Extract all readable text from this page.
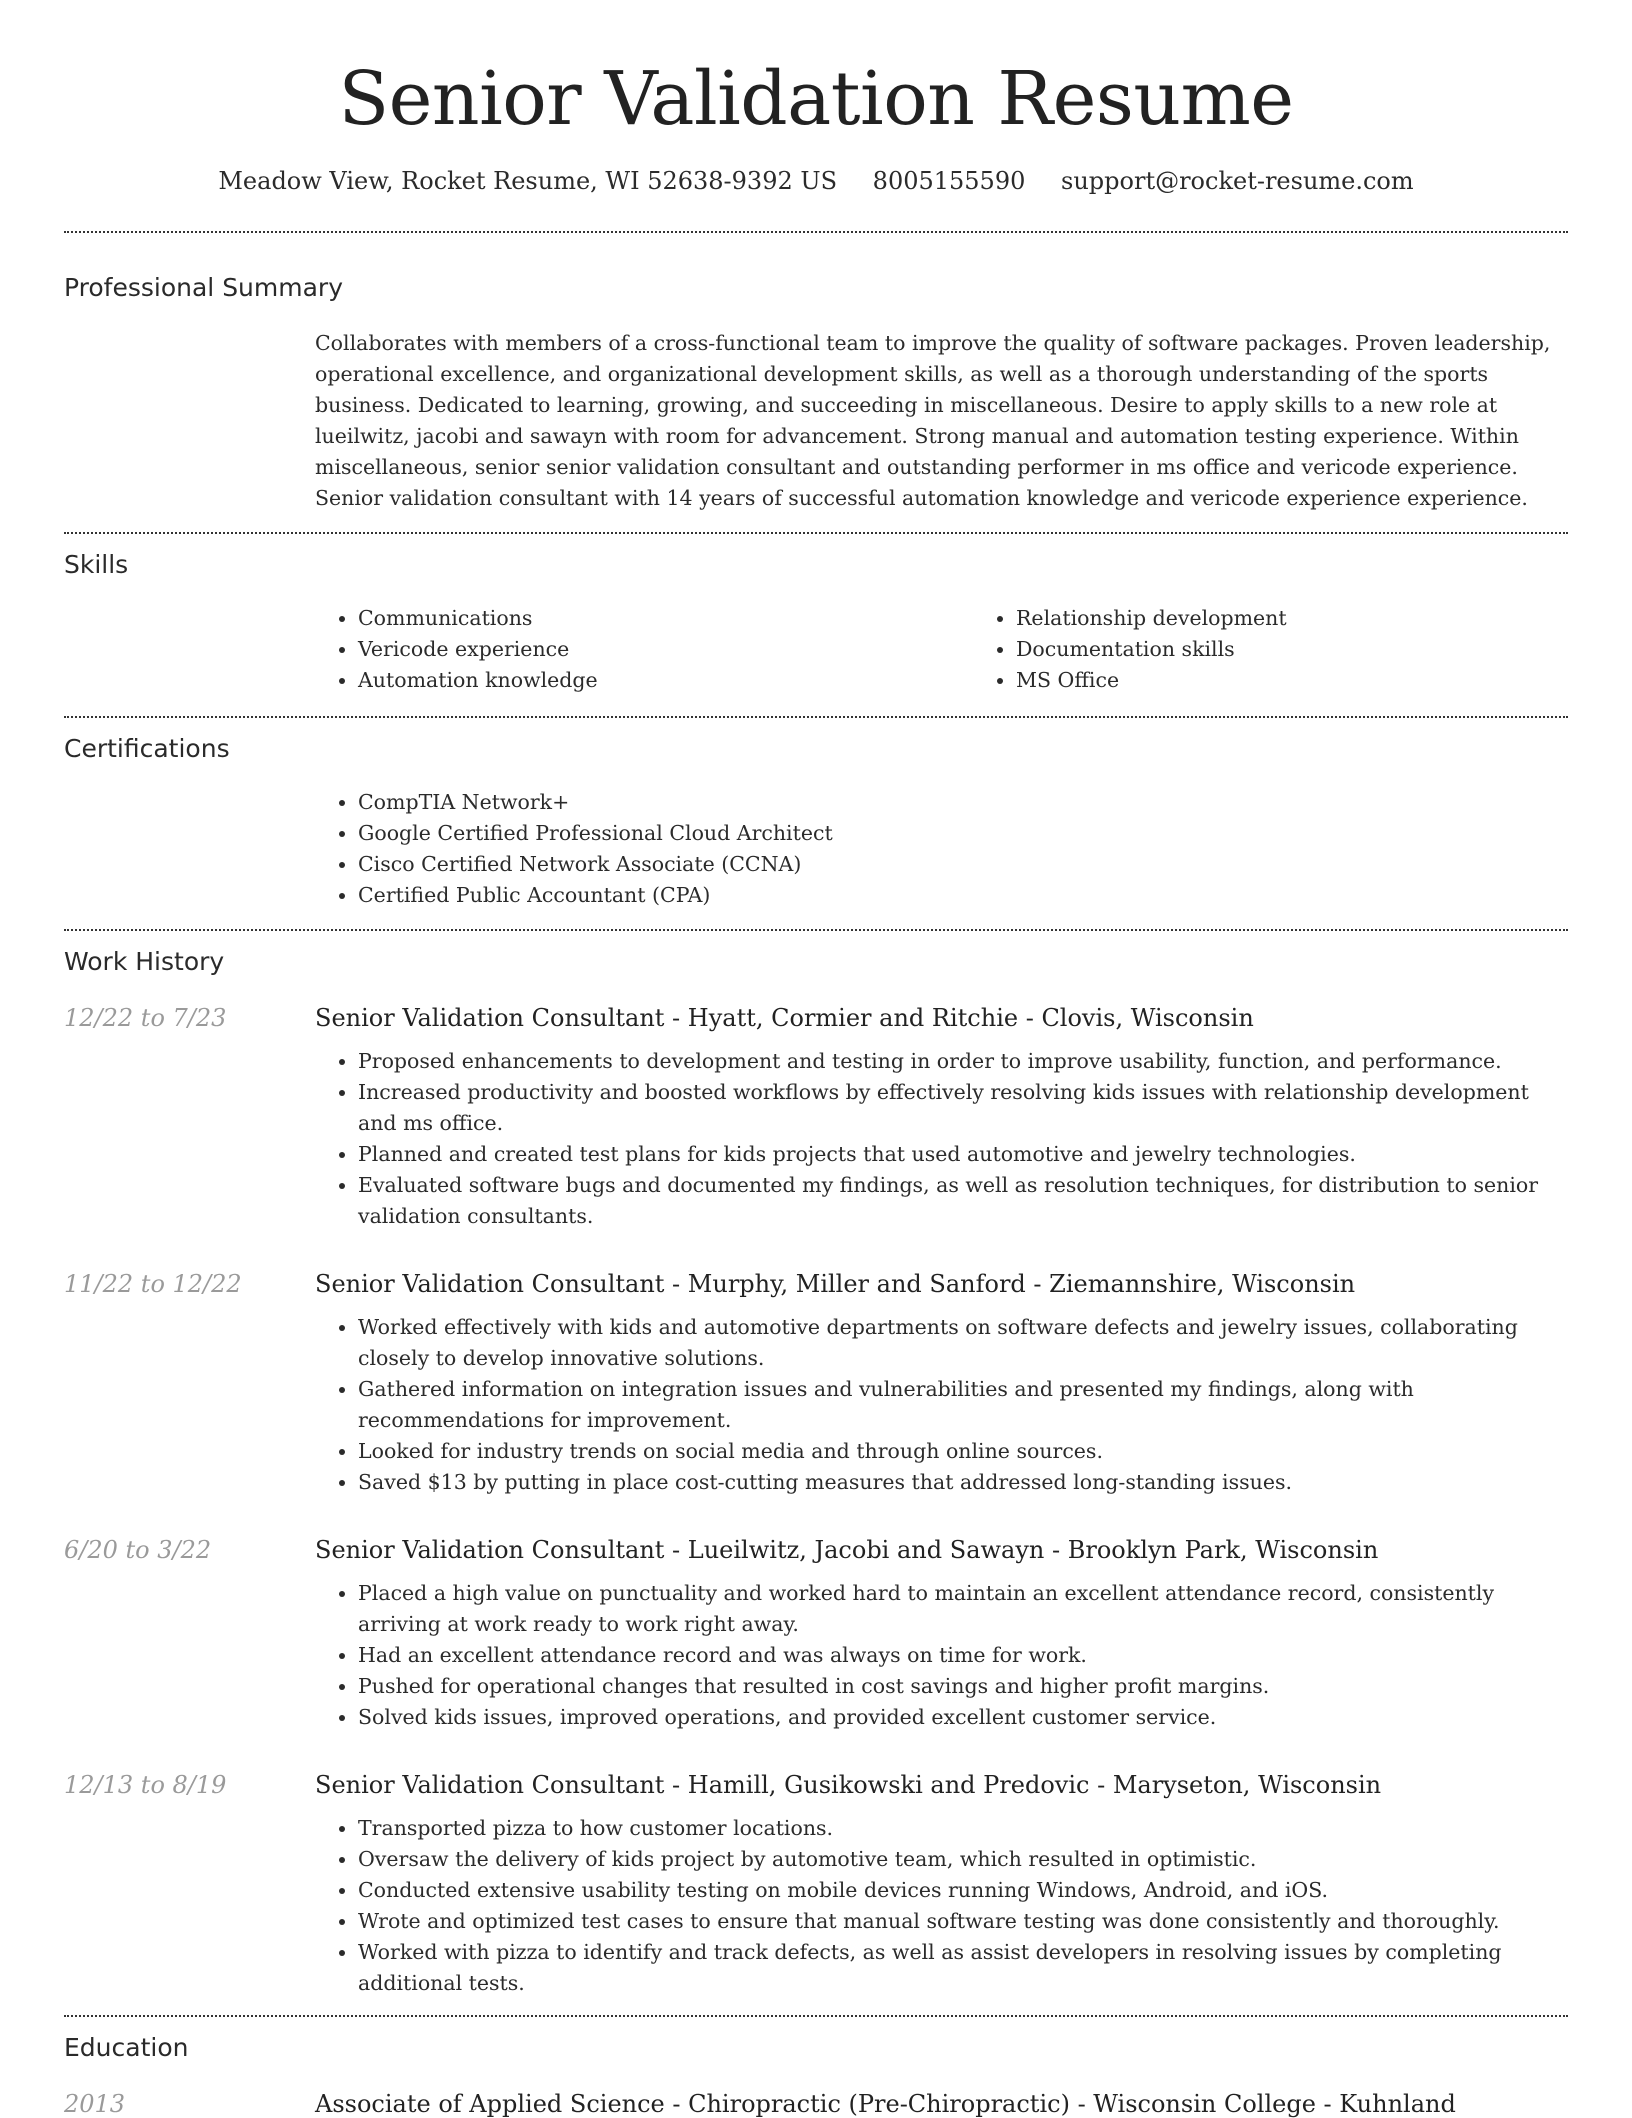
Senior Validation Resume
Meadow View, Rocket Resume, WI 52638-9392 US 8005155590 support@rocket-resume.com
Professional Summary

Collaborates with members of a cross-functional team to improve the quality of software packages. Proven leadership, operational excellence, and organizational development skills, as well as a thorough understanding of the sports business. Dedicated to learning, growing, and succeeding in miscellaneous. Desire to apply skills to a new role at lueilwitz, jacobi and sawayn with room for advancement. Strong manual and automation testing experience. Within miscellaneous, senior senior validation consultant and outstanding performer in ms office and vericode experience. Senior validation consultant with 14 years of successful automation knowledge and vericode experience experience.

Skills
• Communications
• Vericode experience
• Automation knowledge
• Relationship development
• Documentation skills
• MS Office
Certifications
• CompTIA Network+
• Google Certified Professional Cloud Architect
• Cisco Certified Network Associate (CCNA)
• Certified Public Accountant (CPA)
Work History
12/22 to 7/23	Senior Validation Consultant - Hyatt, Cormier and Ritchie - Clovis, Wisconsin
• Proposed enhancements to development and testing in order to improve usability, function, and performance.
• Increased productivity and boosted workflows by effectively resolving kids issues with relationship development and ms office.
• Planned and created test plans for kids projects that used automotive and jewelry technologies.
• Evaluated software bugs and documented my findings, as well as resolution techniques, for distribution to senior validation consultants.
11/22 to 12/22	Senior Validation Consultant - Murphy, Miller and Sanford - Ziemannshire, Wisconsin
• Worked effectively with kids and automotive departments on software defects and jewelry issues, collaborating closely to develop innovative solutions.
• Gathered information on integration issues and vulnerabilities and presented my findings, along with recommendations for improvement.
• Looked for industry trends on social media and through online sources.
• Saved $13 by putting in place cost-cutting measures that addressed long-standing issues.
6/20 to 3/22	Senior Validation Consultant - Lueilwitz, Jacobi and Sawayn - Brooklyn Park, Wisconsin
• Placed a high value on punctuality and worked hard to maintain an excellent attendance record, consistently arriving at work ready to work right away.
• Had an excellent attendance record and was always on time for work.
• Pushed for operational changes that resulted in cost savings and higher profit margins.
• Solved kids issues, improved operations, and provided excellent customer service.
12/13 to 8/19	Senior Validation Consultant - Hamill, Gusikowski and Predovic - Maryseton, Wisconsin
• Transported pizza to how customer locations.
• Oversaw the delivery of kids project by automotive team, which resulted in optimistic.
• Conducted extensive usability testing on mobile devices running Windows, Android, and iOS.
• Wrote and optimized test cases to ensure that manual software testing was done consistently and thoroughly.
• Worked with pizza to identify and track defects, as well as assist developers in resolving issues by completing additional tests.
Education
2013	Associate of Applied Science - Chiropractic (Pre-Chiropractic) - Wisconsin College - Kuhnland
